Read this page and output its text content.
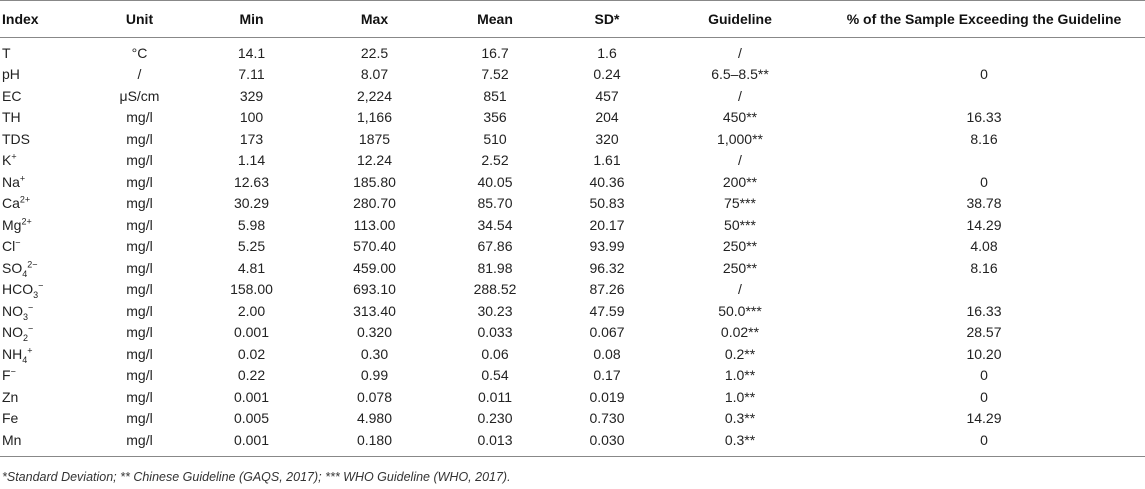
Index	Unit	Min	Max	Mean	SD*	Guideline	% of the Sample Exceeding the Guideline
T	°C	14.1	22.5	16.7	1.6	/	
pH	/	7.11	8.07	7.52	0.24	6.5–8.5**	0
EC	μS/cm	329	2,224	851	457	/	
TH	mg/l	100	1,166	356	204	450**	16.33
TDS	mg/l	173	1875	510	320	1,000**	8.16
K+	mg/l	1.14	12.24	2.52	1.61	/	
Na+	mg/l	12.63	185.80	40.05	40.36	200**	0
$Ca^{2+}$	mg/l	30.29	280.70	85.70	50.83	75***	38.78
$Mg^{2+}$	mg/l	5.98	113.00	34.54	20.17	50***	14.29
Cl−	mg/l	5.25	570.40	67.86	93.99	250**	4.08
$SO_4^{2-}$	mg/l	4.81	459.00	81.98	96.32	250**	8.16
$HCO_3^-$	mg/l	158.00	693.10	288.52	87.26	/	
$NO_3^-$	mg/l	2.00	313.40	30.23	47.59	50.0***	16.33
$NO_2^-$	mg/l	0.001	0.320	0.033	0.067	0.02**	28.57
$NH_4^+$	mg/l	0.02	0.30	0.06	0.08	0.2**	10.20
F−	mg/l	0.22	0.99	0.54	0.17	1.0**	0
Zn	mg/l	0.001	0.078	0.011	0.019	1.0**	0
Fe	mg/l	0.005	4.980	0.230	0.730	0.3**	14.29
Mn	mg/l	0.001	0.180	0.013	0.030	0.3**	0
*Standard Deviation; ** Chinese Guideline (GAQS, 2017); *** WHO Guideline (WHO, 2017).
